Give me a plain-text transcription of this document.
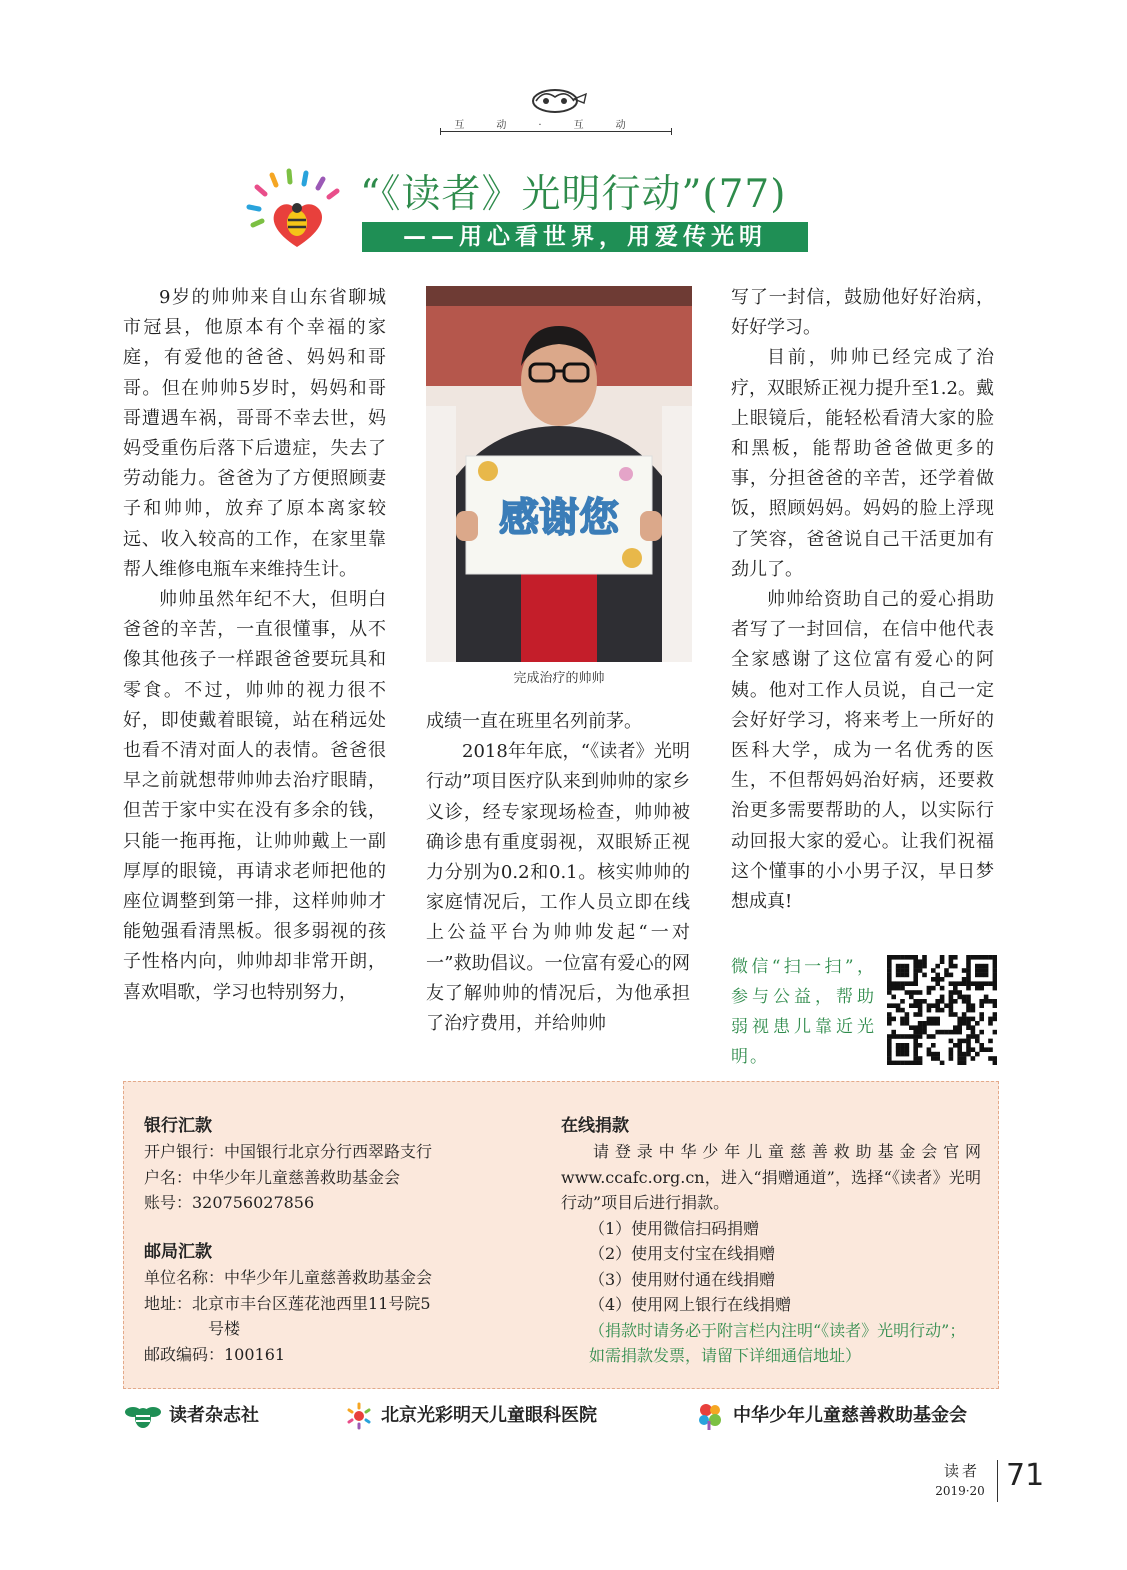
互动·互动
“《读者》光明行动”(77)
——用心看世界，用爱传光明

9岁的帅帅来自山东省聊城市冠县，他原本有个幸福的家庭，有爱他的爸爸、妈妈和哥哥。但在帅帅5岁时，妈妈和哥哥遭遇车祸，哥哥不幸去世，妈妈受重伤后落下后遗症，失去了劳动能力。爸爸为了方便照顾妻子和帅帅，放弃了原本离家较远、收入较高的工作，在家里靠帮人维修电瓶车来维持生计。

帅帅虽然年纪不大，但明白爸爸的辛苦，一直很懂事，从不像其他孩子一样跟爸爸要玩具和零食。不过，帅帅的视力很不好，即使戴着眼镜，站在稍远处也看不清对面人的表情。爸爸很早之前就想带帅帅去治疗眼睛，但苦于家中实在没有多余的钱，只能一拖再拖，让帅帅戴上一副厚厚的眼镜，再请求老师把他的座位调整到第一排，这样帅帅才能勉强看清黑板。很多弱视的孩子性格内向，帅帅却非常开朗，喜欢唱歌，学习也特别努力，

感谢您
完成治疗的帅帅

成绩一直在班里名列前茅。

2018年年底，“《读者》光明行动”项目医疗队来到帅帅的家乡义诊，经专家现场检查，帅帅被确诊患有重度弱视，双眼矫正视力分别为0.2和0.1。核实帅帅的家庭情况后，工作人员立即在线上公益平台为帅帅发起“一对一”救助倡议。一位富有爱心的网友了解帅帅的情况后，为他承担了治疗费用，并给帅帅

写了一封信，鼓励他好好治病，好好学习。

目前，帅帅已经完成了治疗，双眼矫正视力提升至1.2。戴上眼镜后，能轻松看清大家的脸和黑板，能帮助爸爸做更多的事，分担爸爸的辛苦，还学着做饭，照顾妈妈。妈妈的脸上浮现了笑容，爸爸说自己干活更加有劲儿了。

帅帅给资助自己的爱心捐助者写了一封回信，在信中他代表全家感谢了这位富有爱心的阿姨。他对工作人员说，自己一定会好好学习，将来考上一所好的医科大学，成为一名优秀的医生，不但帮妈妈治好病，还要救治更多需要帮助的人，以实际行动回报大家的爱心。让我们祝福这个懂事的小小男子汉，早日梦想成真!

微信“扫一扫”，参与公益，帮助弱视患儿靠近光明。

银行汇款

开户银行：中国银行北京分行西翠路支行

户名：中华少年儿童慈善救助基金会

账号：320756027856

邮局汇款

单位名称：中华少年儿童慈善救助基金会

地址：北京市丰台区莲花池西里11号院5

号楼

邮政编码：100161

在线捐款

请登录中华少年儿童慈善救助基金会官网www.ccafc.org.cn，进入“捐赠通道”，选择“《读者》光明行动”项目后进行捐款。

（1）使用微信扫码捐赠

（2）使用支付宝在线捐赠

（3）使用财付通在线捐赠

（4）使用网上银行在线捐赠

（捐款时请务必于附言栏内注明“《读者》光明行动”；如需捐款发票，请留下详细通信地址）

读者杂志社	北京光彩明天儿童眼科医院	中华少年儿童慈善救助基金会
读者
2019·20 71
